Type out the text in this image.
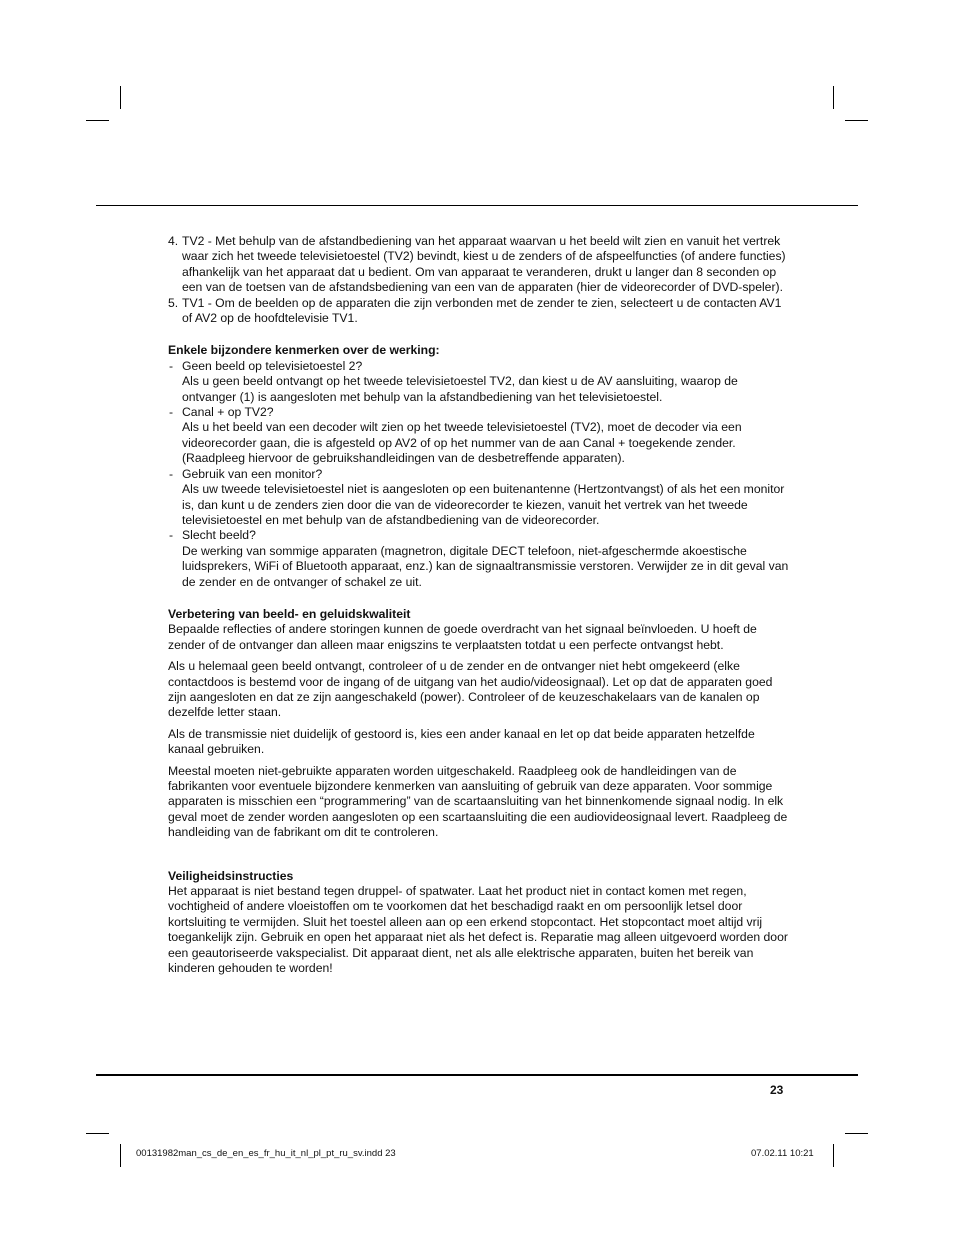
4. TV2 - Met behulp van de afstandbediening van het apparaat waarvan u het beeld wilt zien en vanuit het vertrek waar zich het tweede televisietoestel (TV2) bevindt, kiest u de zenders of de afspeelfuncties (of andere functies) afhankelijk van het apparaat dat u bedient. Om van apparaat te veranderen, drukt u langer dan 8 seconden op een van de toetsen van de afstandsbediening van een van de apparaten (hier de videorecorder of DVD-speler).
5. TV1 - Om de beelden op de apparaten die zijn verbonden met de zender te zien, selecteert u de contacten AV1 of AV2 op de hoofdtelevisie TV1.
Enkele bijzondere kenmerken over de werking:
- Geen beeld op televisietoestel 2?
Als u geen beeld ontvangt op het tweede televisietoestel TV2, dan kiest u de AV aansluiting, waarop de ontvanger (1) is aangesloten met behulp van la afstandbediening van het televisietoestel.
- Canal + op TV2?
Als u het beeld van een decoder wilt zien op het tweede televisietoestel (TV2), moet de decoder via een videorecorder gaan, die is afgesteld op AV2 of op het nummer van de aan Canal + toegekende zender. (Raadpleeg hiervoor de gebruikshandleidingen van de desbetreffende apparaten).
- Gebruik van een monitor?
Als uw tweede televisietoestel niet is aangesloten op een buitenantenne (Hertzontvangst) of als het een monitor is, dan kunt u de zenders zien door die van de videorecorder te kiezen, vanuit het vertrek van het tweede televisietoestel en met behulp van de afstandbediening van de videorecorder.
- Slecht beeld?
De werking van sommige apparaten (magnetron, digitale DECT telefoon, niet-afgeschermde akoestische luidsprekers, WiFi of Bluetooth apparaat, enz.) kan de signaaltransmissie verstoren. Verwijder ze in dit geval van de zender en de ontvanger of schakel ze uit.
Verbetering van beeld- en geluidskwaliteit

Bepaalde reflecties of andere storingen kunnen de goede overdracht van het signaal beïnvloeden. U hoeft de zender of de ontvanger dan alleen maar enigszins te verplaatsten totdat u een perfecte ontvangst hebt.

Als u helemaal geen beeld ontvangt, controleer of u de zender en de ontvanger niet hebt omgekeerd (elke contactdoos is bestemd voor de ingang of de uitgang van het audio/videosignaal). Let op dat de apparaten goed zijn aangesloten en dat ze zijn aangeschakeld (power). Controleer of de keuzeschakelaars van de kanalen op dezelfde letter staan.

Als de transmissie niet duidelijk of gestoord is, kies een ander kanaal en let op dat beide apparaten hetzelfde kanaal gebruiken.

Meestal moeten niet-gebruikte apparaten worden uitgeschakeld. Raadpleeg ook de handleidingen van de fabrikanten voor eventuele bijzondere kenmerken van aansluiting of gebruik van deze apparaten. Voor sommige apparaten is misschien een “programmering” van de scartaansluiting van het binnenkomende signaal nodig. In elk geval moet de zender worden aangesloten op een scartaansluiting die een audiovideosignaal levert. Raadpleeg de handleiding van de fabrikant om dit te controleren.

Veiligheidsinstructies

Het apparaat is niet bestand tegen druppel- of spatwater. Laat het product niet in contact komen met regen, vochtigheid of andere vloeistoffen om te voorkomen dat het beschadigd raakt en om persoonlijk letsel door kortsluiting te vermijden. Sluit het toestel alleen aan op een erkend stopcontact. Het stopcontact moet altijd vrij toegankelijk zijn. Gebruik en open het apparaat niet als het defect is. Reparatie mag alleen uitgevoerd worden door een geautoriseerde vakspecialist. Dit apparaat dient, net als alle elektrische apparaten, buiten het bereik van kinderen gehouden te worden!

23
00131982man_cs_de_en_es_fr_hu_it_nl_pl_pt_ru_sv.indd 23	07.02.11 10:21
